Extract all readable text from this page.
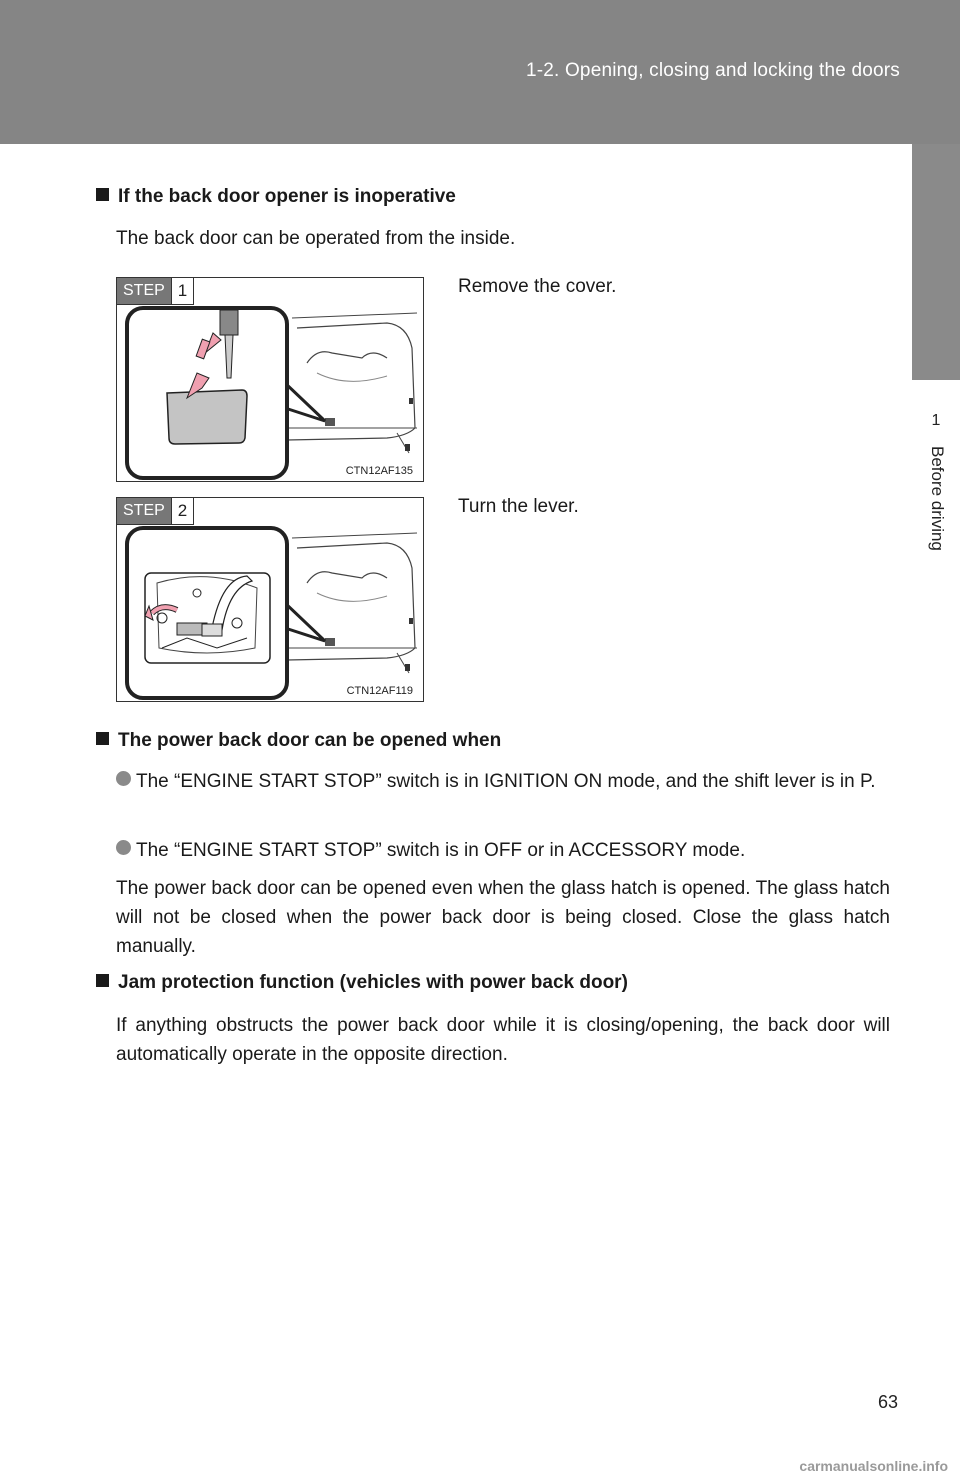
1-2. Opening, closing and locking the doors
1
Before driving
If the back door opener is inoperative
The back door can be operated from the inside.
STEP 1
CTN12AF135
Remove the cover.
STEP 2
CTN12AF119
Turn the lever.
The power back door can be opened when
The “ENGINE START STOP” switch is in IGNITION ON mode, and the shift lever is in P.
The “ENGINE START STOP” switch is in OFF or in ACCESSORY mode.
The power back door can be opened even when the glass hatch is opened. The glass hatch will not be closed when the power back door is being closed. Close the glass hatch manually.
Jam protection function (vehicles with power back door)
If anything obstructs the power back door while it is closing/opening, the back door will automatically operate in the opposite direction.
63
carmanualsonline.info
